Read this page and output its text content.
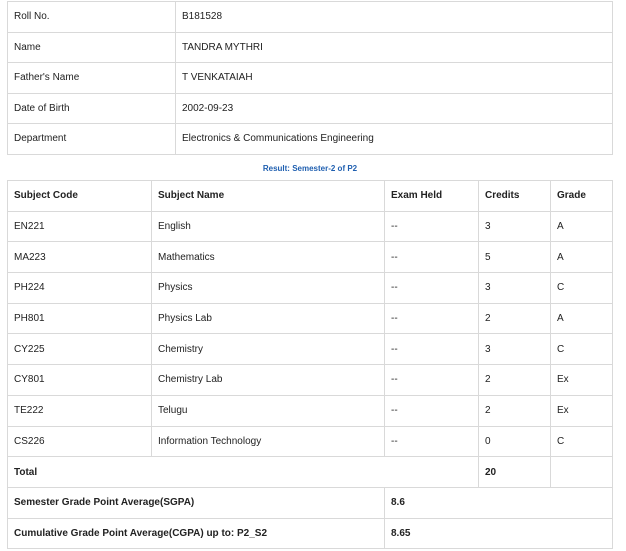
Roll No.	B181528
Name	TANDRA MYTHRI
Father's Name	T VENKATAIAH
Date of Birth	2002-09-23
Department	Electronics & Communications Engineering
Result: Semester-2 of P2
Subject Code	Subject Name	Exam Held	Credits	Grade
EN221	English	--	3	A
MA223	Mathematics	--	5	A
PH224	Physics	--	3	C
PH801	Physics Lab	--	2	A
CY225	Chemistry	--	3	C
CY801	Chemistry Lab	--	2	Ex
TE222	Telugu	--	2	Ex
CS226	Information Technology	--	0	C
Total			20	
Semester Grade Point Average(SGPA)		8.6		
Cumulative Grade Point Average(CGPA) up to: P2_S2		8.65		
